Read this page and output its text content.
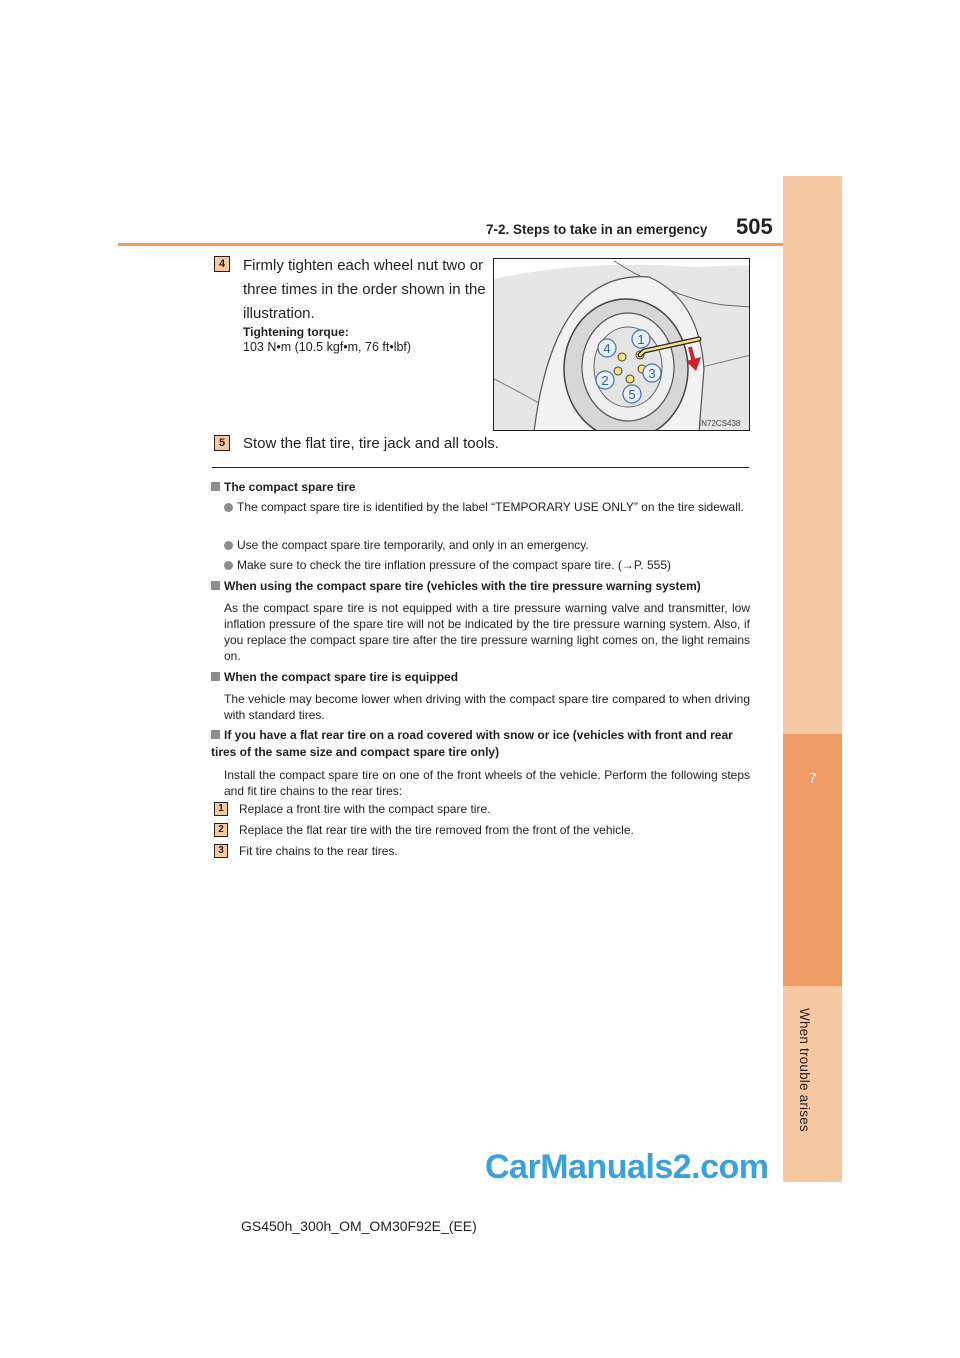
7
When trouble arises
7-2. Steps to take in an emergency 505
4	Firmly tighten each wheel nut two or three times in the order shown in the illustration.
Tightening torque:
103 N•m (10.5 kgf•m, 76 ft•lbf)	1
2	3
4
5
IN72CS438
5	Stow the flat tire, tire jack and all tools.
The compact spare tire
The compact spare tire is identified by the label “TEMPORARY USE ONLY” on the tire sidewall.
Use the compact spare tire temporarily, and only in an emergency.
Make sure to check the tire inflation pressure of the compact spare tire. (→P. 555)
When using the compact spare tire (vehicles with the tire pressure warning system)
As the compact spare tire is not equipped with a tire pressure warning valve and transmitter, low inflation pressure of the spare tire will not be indicated by the tire pressure warning system. Also, if you replace the compact spare tire after the tire pressure warning light comes on, the light remains on.
When the compact spare tire is equipped
The vehicle may become lower when driving with the compact spare tire compared to when driving with standard tires.
If you have a flat rear tire on a road covered with snow or ice (vehicles with front and rear tires of the same size and compact spare tire only)
Install the compact spare tire on one of the front wheels of the vehicle. Perform the following steps and fit tire chains to the rear tires:
1	Replace a front tire with the compact spare tire.
2	Replace the flat rear tire with the tire removed from the front of the vehicle.
3	Fit tire chains to the rear tires.
CarManuals2.com
GS450h_300h_OM_OM30F92E_(EE)
